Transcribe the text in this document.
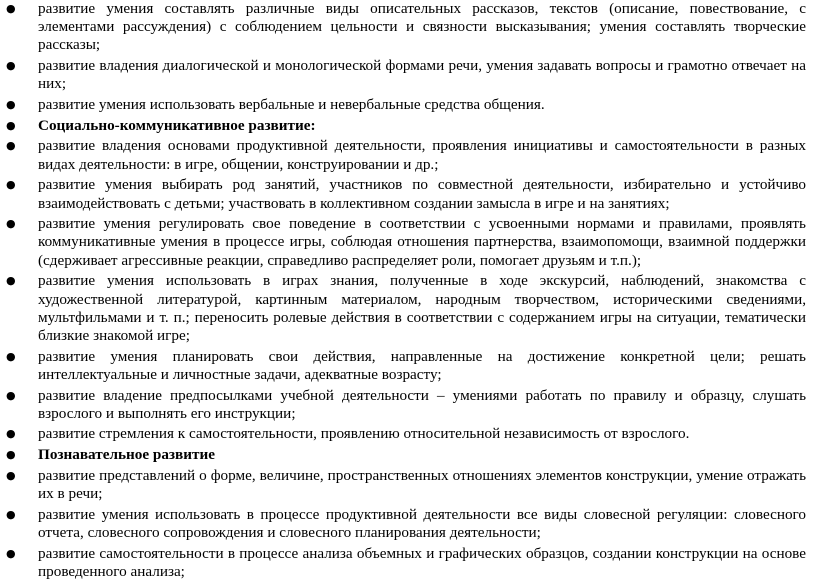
● развитие умения составлять различные виды описательных рассказов, текстов (описание, повествование, с элементами рассуждения) с соблюдением цельности и связности высказывания; умения составлять творческие рассказы;
● развитие владения диалогической и монологической формами речи, умения задавать вопросы и грамотно отвечает на них;
● развитие умения использовать вербальные и невербальные средства общения.
● Социально-коммуникативное развитие:
● развитие владения основами продуктивной деятельности, проявления инициативы и самостоятельности в разных видах деятельности: в игре, общении, конструировании и др.;
● развитие умения выбирать род занятий, участников по совместной деятельности, избирательно и устойчиво взаимодействовать с детьми; участвовать в коллективном создании замысла в игре и на занятиях;
● развитие умения регулировать свое поведение в соответствии с усвоенными нормами и правилами, проявлять коммуникативные умения в процессе игры, соблюдая отношения партнерства, взаимопомощи, взаимной поддержки (сдерживает агрессивные реакции, справедливо распределяет роли, помогает друзьям и т.п.);
● развитие умения использовать в играх знания, полученные в ходе экскурсий, наблюдений, знакомства с художественной литературой, картинным материалом, народным творчеством, историческими сведениями, мультфильмами и т. п.; переносить ролевые действия в соответствии с содержанием игры на ситуации, тематически близкие знакомой игре;
● развитие умения планировать свои действия, направленные на достижение конкретной цели; решать интеллектуальные и личностные задачи, адекватные возрасту;
● развитие владение предпосылками учебной деятельности – умениями работать по правилу и образцу, слушать взрослого и выполнять его инструкции;
● развитие стремления к самостоятельности, проявлению относительной независимость от взрослого.
● Познавательное развитие
● развитие представлений о форме, величине, пространственных отношениях элементов конструкции, умение отражать их в речи;
● развитие умения использовать в процессе продуктивной деятельности все виды словесной регуляции: словесного отчета, словесного сопровождения и словесного планирования деятельности;
● развитие самостоятельности в процессе анализа объемных и графических образцов, создании конструкции на основе проведенного анализа;
